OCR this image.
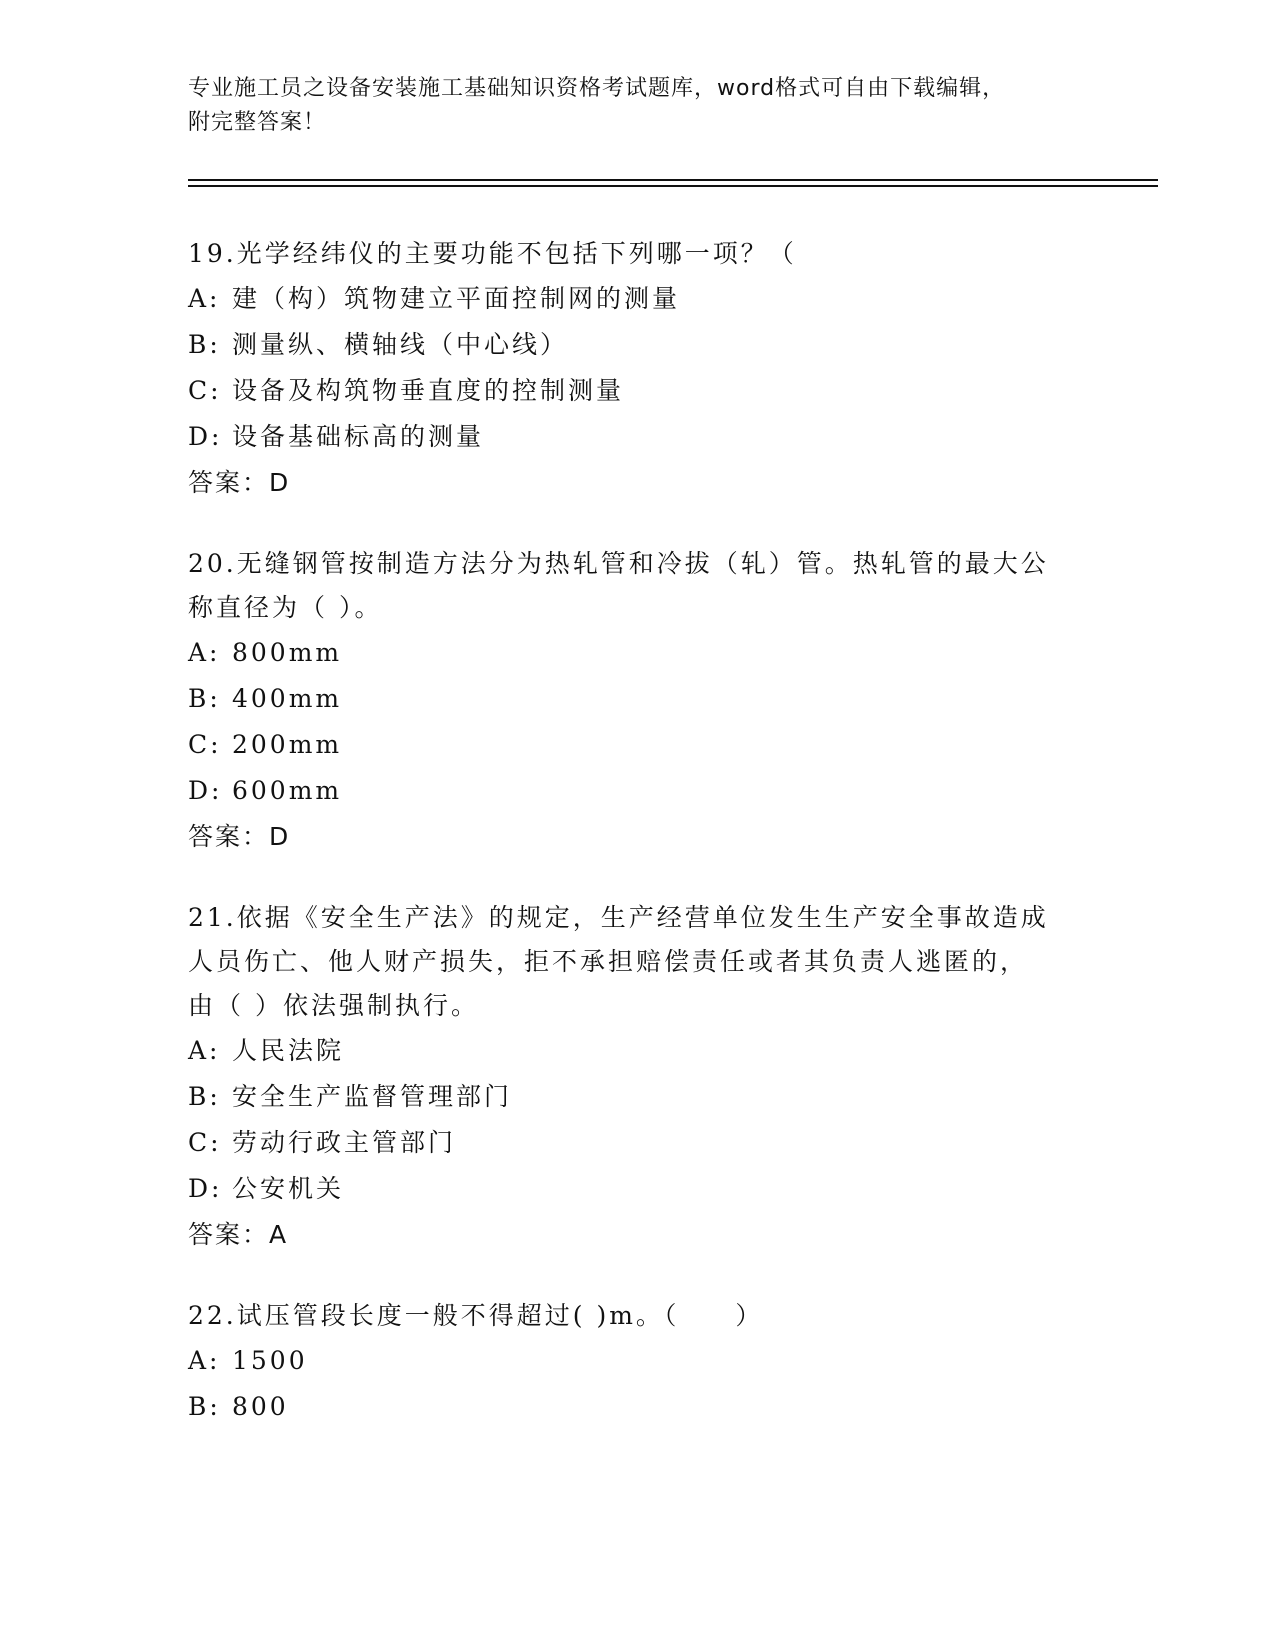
专业施工员之设备安装施工基础知识资格考试题库，word格式可自由下载编辑，
附完整答案！

19.光学经纬仪的主要功能不包括下列哪一项？（

A: 建（构）筑物建立平面控制网的测量

B: 测量纵、横轴线（中心线）

C: 设备及构筑物垂直度的控制测量

D: 设备基础标高的测量

答案：D

20.无缝钢管按制造方法分为热轧管和冷拔（轧）管。热轧管的最大公

称直径为（ ）。

A: 800mm

B: 400mm

C: 200mm

D: 600mm

答案：D

21.依据《安全生产法》的规定，生产经营单位发生生产安全事故造成

人员伤亡、他人财产损失，拒不承担赔偿责任或者其负责人逃匿的，

由（ ）依法强制执行。

A: 人民法院

B: 安全生产监督管理部门

C: 劳动行政主管部门

D: 公安机关

答案：A

22.试压管段长度一般不得超过( )m。（　　）

A: 1500

B: 800
